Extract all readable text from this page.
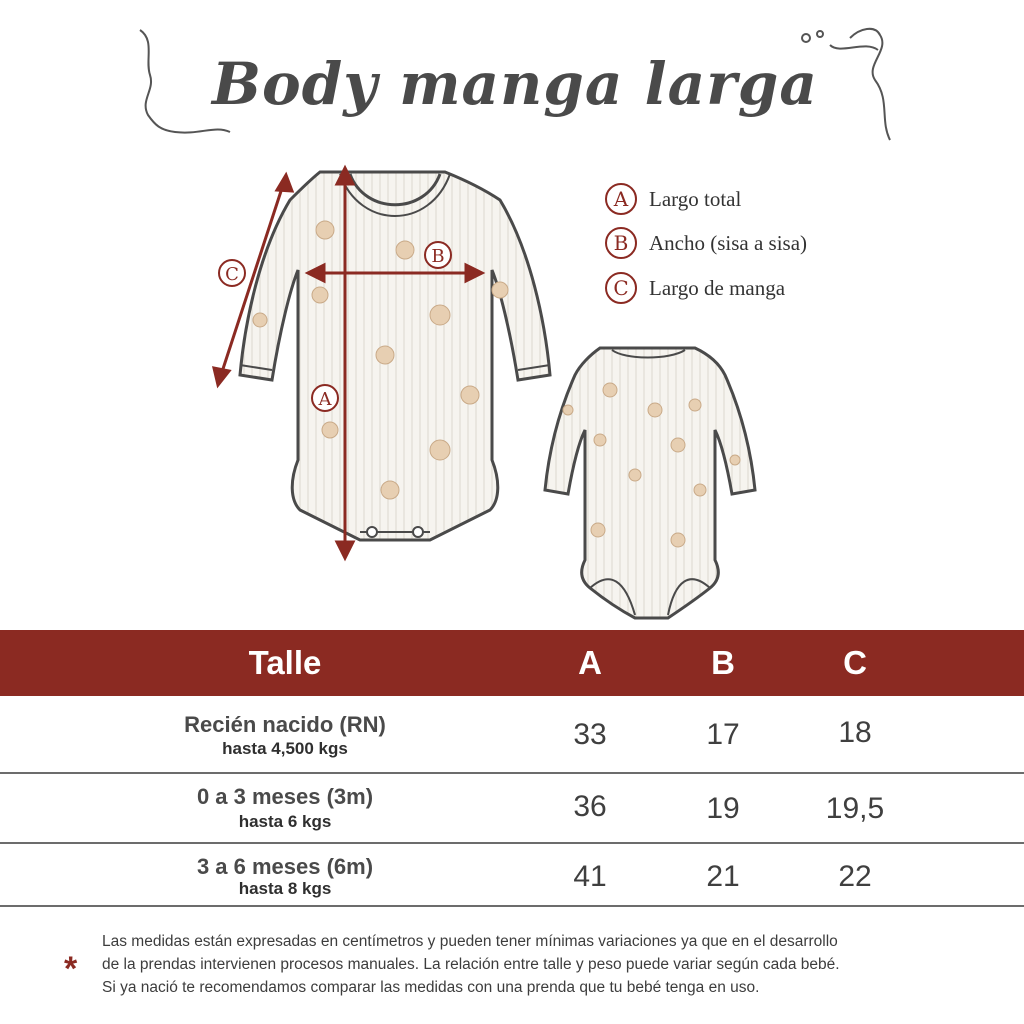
Body manga larga
A
B
C
A Largo total
B Ancho (sisa a sisa)
C Largo de manga
Talle	A	B	C
Recién nacido (RN)
hasta 4,500 kgs	33	17	18
0 a 3 meses (3m)
hasta 6 kgs	36	19	19,5
3 a 6 meses (6m)
hasta 8 kgs	41	21	22
*
Las medidas están expresadas en centímetros y pueden tener mínimas variaciones ya que en el desarrollo
de la prendas intervienen procesos manuales. La relación entre talle y peso puede variar según cada bebé.
Si ya nació te recomendamos comparar las medidas con una prenda que tu bebé tenga en uso.
